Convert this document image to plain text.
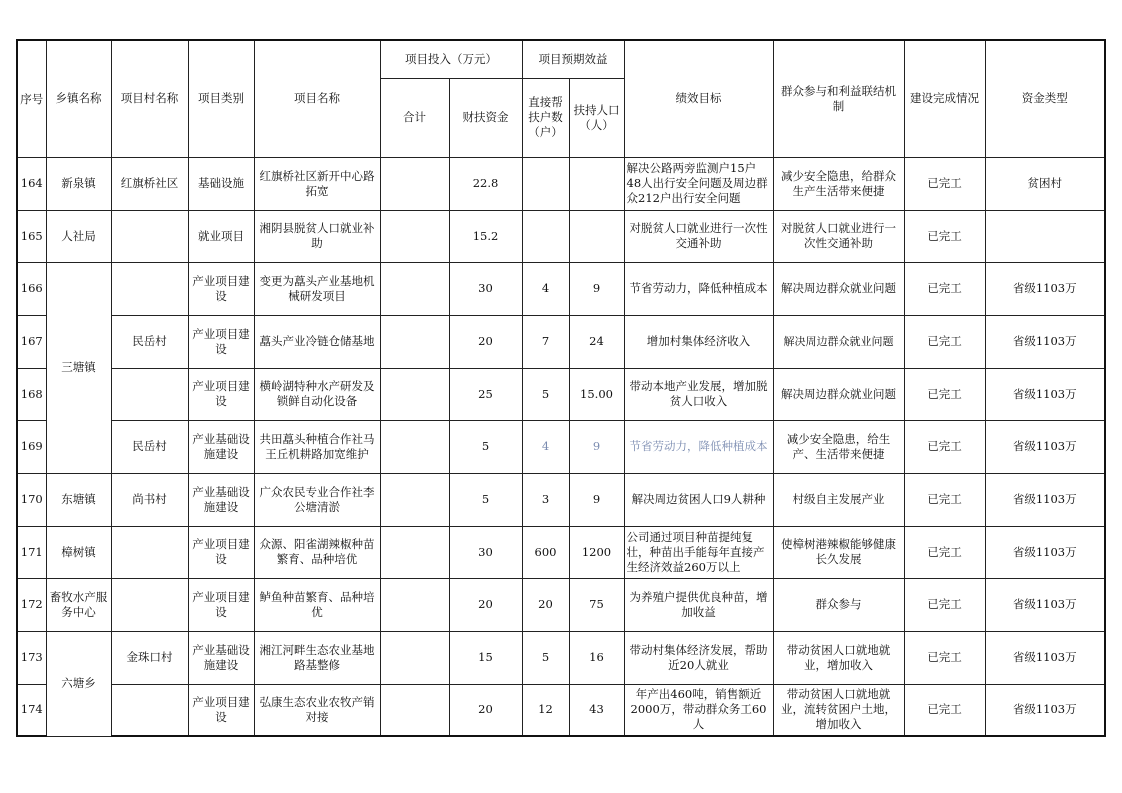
序号	乡镇名称	项目村名称	项目类别	项目名称	项目投入（万元）		项目预期效益		绩效目标	群众参与和利益联结机制	建设完成情况	资金类型
					合计	财扶资金	直接帮扶户数（户）	扶持人口（人）				
164	新泉镇	红旗桥社区	基础设施	红旗桥社区新开中心路拓宽		22.8			解决公路两旁监测户15户48人出行安全问题及周边群众212户出行安全问题	减少安全隐患，给群众生产生活带来便捷	已完工	贫困村
165	人社局		就业项目	湘阴县脱贫人口就业补助		15.2			对脱贫人口就业进行一次性交通补助	对脱贫人口就业进行一次性交通补助	已完工	
166	三塘镇		产业项目建设	变更为藠头产业基地机械研发项目		30	4	9	节省劳动力，降低种植成本	解决周边群众就业问题	已完工	省级1103万
167		民岳村	产业项目建设	藠头产业冷链仓储基地		20	7	24	增加村集体经济收入	解决周边群众就业问题	已完工	省级1103万
168			产业项目建设	横岭湖特种水产研发及锁鲜自动化设备		25	5	15.00	带动本地产业发展，增加脱贫人口收入	解决周边群众就业问题	已完工	省级1103万
169		民岳村	产业基础设施建设	共田藠头种植合作社马王丘机耕路加宽维护		5	4	9	节省劳动力，降低种植成本	减少安全隐患，给生产、生活带来便捷	已完工	省级1103万
170	东塘镇	尚书村	产业基础设施建设	广众农民专业合作社李公塘清淤		5	3	9	解决周边贫困人口9人耕种	村级自主发展产业	已完工	省级1103万
171	樟树镇		产业项目建设	众源、阳雀湖辣椒种苗繁育、品种培优		30	600	1200	公司通过项目种苗提纯复壮，种苗出手能每年直接产生经济效益260万以上	使樟树港辣椒能够健康长久发展	已完工	省级1103万
172	畜牧水产服务中心		产业项目建设	鲈鱼种苗繁育、品种培优		20	20	75	为养殖户提供优良种苗，增加收益	群众参与	已完工	省级1103万
173	六塘乡	金珠口村	产业基础设施建设	湘江河畔生态农业基地路基整修		15	5	16	带动村集体经济发展，帮助近20人就业	带动贫困人口就地就业，增加收入	已完工	省级1103万
174			产业项目建设	弘康生态农业农牧产销对接		20	12	43	年产出460吨，销售额近2000万，带动群众务工60人	带动贫困人口就地就业，流转贫困户土地，增加收入	已完工	省级1103万
